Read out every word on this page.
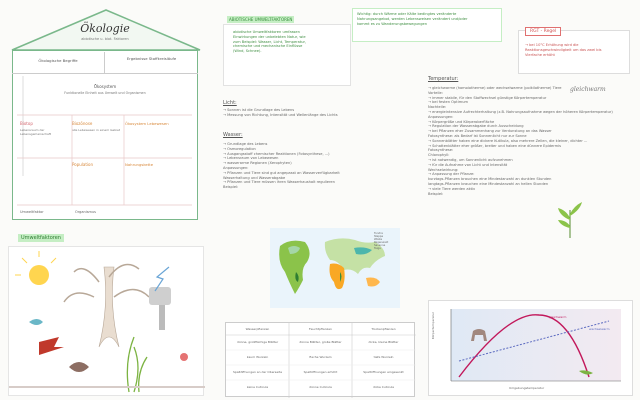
Ökologie
abiotische u. biot. Faktoren
Ökologische Begriffe	Ergebnisse Stoffkreisläufe
Ökosystem
Funktionelle Einheit aus Umwelt und Organismen
Biotop
Lebensraum der Lebensgemeinschaft
Biozönose
alle Lebewesen in einem Gebiet
Ökosystem Lebewesen
Population	Nahrungskette
Umweltfaktor	Organismus
Umweltfaktoren
ABIOTISCHE UMWELTFAKTOREN
abiotische Umweltfaktoren umfassen
Einwirkungen der unbelebten Natur, wie
zum Beispiel: Wasser, Licht, Temperatur,
chemische und mechanische Einflüsse
(Wind, Schnee).
Licht:
→ Sonnen ist die Grundlage des Lebens
→ Messung von Richtung, Intensität und Wellenlänge des Lichts
Wasser:
→ Grundlage des Lebens
→ Osmoregulation
→ Ausgangsstoff chemischer Reaktionen (Fotosynthese, ...)
→ Lebensraum von Lebewesen
→ wasserarme Regionen (Xerophyten)
Anpassungen:
→ Pflanzen und Tiere sind gut angepasst an Wasserverfügbarkeit
Wasserhaltung und Wasserabgabe
→ Pflanzen und Tiere müssen ihren Wasserhaushalt regulieren
Beispiel:
Tundra
Steppe
Wüste
Regenwald
Savanne
Taiga
Wasserpflanzen	Feuchtpflanzen	Trockenpflanzen
dünne, großflächige Blätter	dünne Blätter, große Blätter	dicke, kleine Blätter
kaum Wurzeln	flache Wurzeln	tiefe Wurzeln
Spaltöffnungen an der Oberseite	Spaltöffnungen erhöht	Spaltöffnungen eingesenkt
keine Cuticula	dünne Cuticula	dicke Cuticula
Wichtig: durch Wärme oder Kälte bedingtes veränderte
Nahrungsangebot, werden Lebensweisen verändert und/oder
kommt es zu Wanderungsbewegungen
RGT - Regel
→ bei 10°C Erhöhung wird die
Reaktionsgeschwindigkeit um das zwei bis
Vierfache erhöht
Temperatur:
gleichwarm
→ gleichwarme (homoiotherme) oder wechselwarme (poikilotherme) Tiere
Vorteile:
→ immer stabile, für den Stoffwechsel günstige Körpertemperatur
→ bei festen Optimum
Nachteile:
→ energieintensive Aufrechterhaltung (z.B. Nahrungsaufnahme wegen der höheren Körpertemperatur)
Anpassungen:
→ Körpergröße und Körperoberfläche
→ Regulation der Wasserabgabe durch Ausscheidung
→ bei Pflanzen eher Zusammenhang zur Verdunstung an das Wasser
Fotosynthese: als Bedarf ist Sonnenlicht nur zur Sonne
→ Sonnenblätter haben eine dickere Kutikula, also mehrere Zellen, die kleiner, dichter ...
→ Schattenblätter eher größer, breiter und haben eine dünnere Epidermis
Fotosynthese:
Chlorophyll:
→ ist notwendig, um Sonnenlicht aufzunehmen
→ für die Aufnahme von Licht und Intensität
Wechselwirkung:
→ Anpassung der Pflanze:
kurztags-Pflanzen brauchen eine Mindestanzahl an dunklen Stunden
langtags-Pflanzen brauchen eine Mindestanzahl an hellen Stunden
→ viele Tiere werden aktiv
Beispiel:
Körpertemperatur
Umgebungstemperatur
gleichwarm
wechselwarm
